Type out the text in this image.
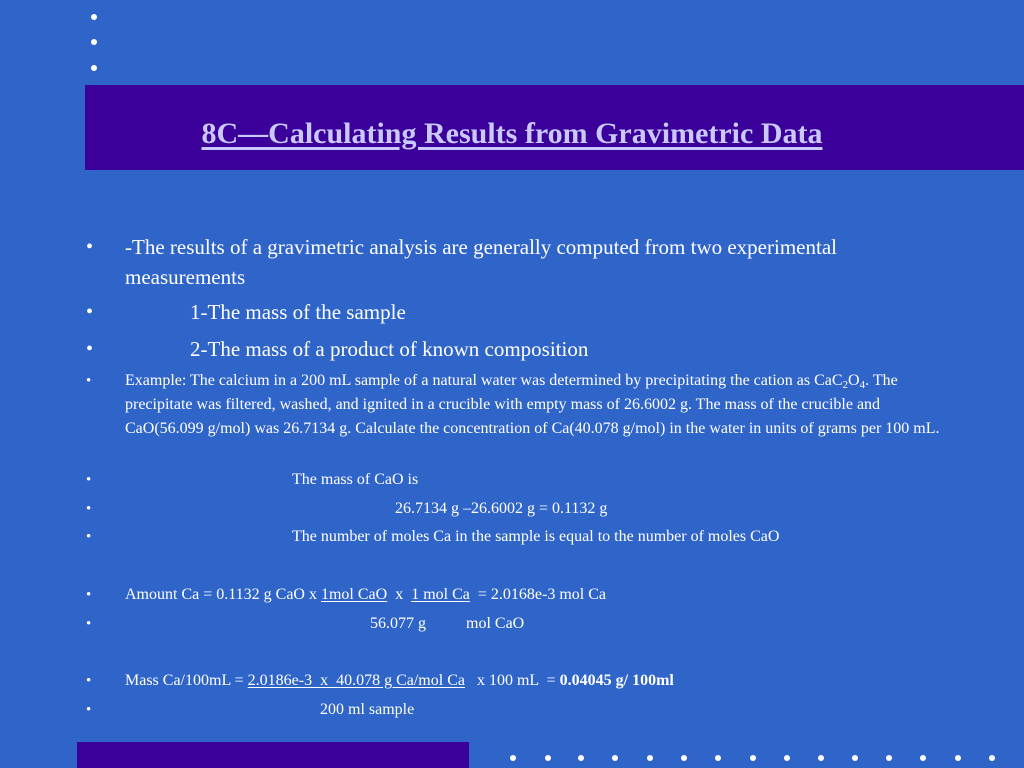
8C—Calculating Results from Gravimetric Data
• -The results of a gravimetric analysis are generally computed from two experimental measurements
•	1-The mass of the sample
•	2-The mass of a product of known composition
• Example: The calcium in a 200 mL sample of a natural water was determined by precipitating the cation as $CaC_2O_4$. The precipitate was filtered, washed, and ignited in a crucible with empty mass of 26.6002 g. The mass of the crucible and CaO(56.099 g/mol) was 26.7134 g. Calculate the concentration of Ca(40.078 g/mol) in the water in units of grams per 100 mL.
•	The mass of CaO is
•	26.7134 g –26.6002 g = 0.1132 g
•	The number of moles Ca in the sample is equal to the number of moles CaO
• Amount Ca = 0.1132 g CaO x 1mol CaO  x  1 mol Ca  = 2.0168e-3 mol Ca
•	56.077 g          mol CaO
• Mass Ca/100mL = 2.0186e-3  x  40.078 g Ca/mol Ca   x 100 mL  = 0.04045 g/ 100ml
•	200 ml sample
